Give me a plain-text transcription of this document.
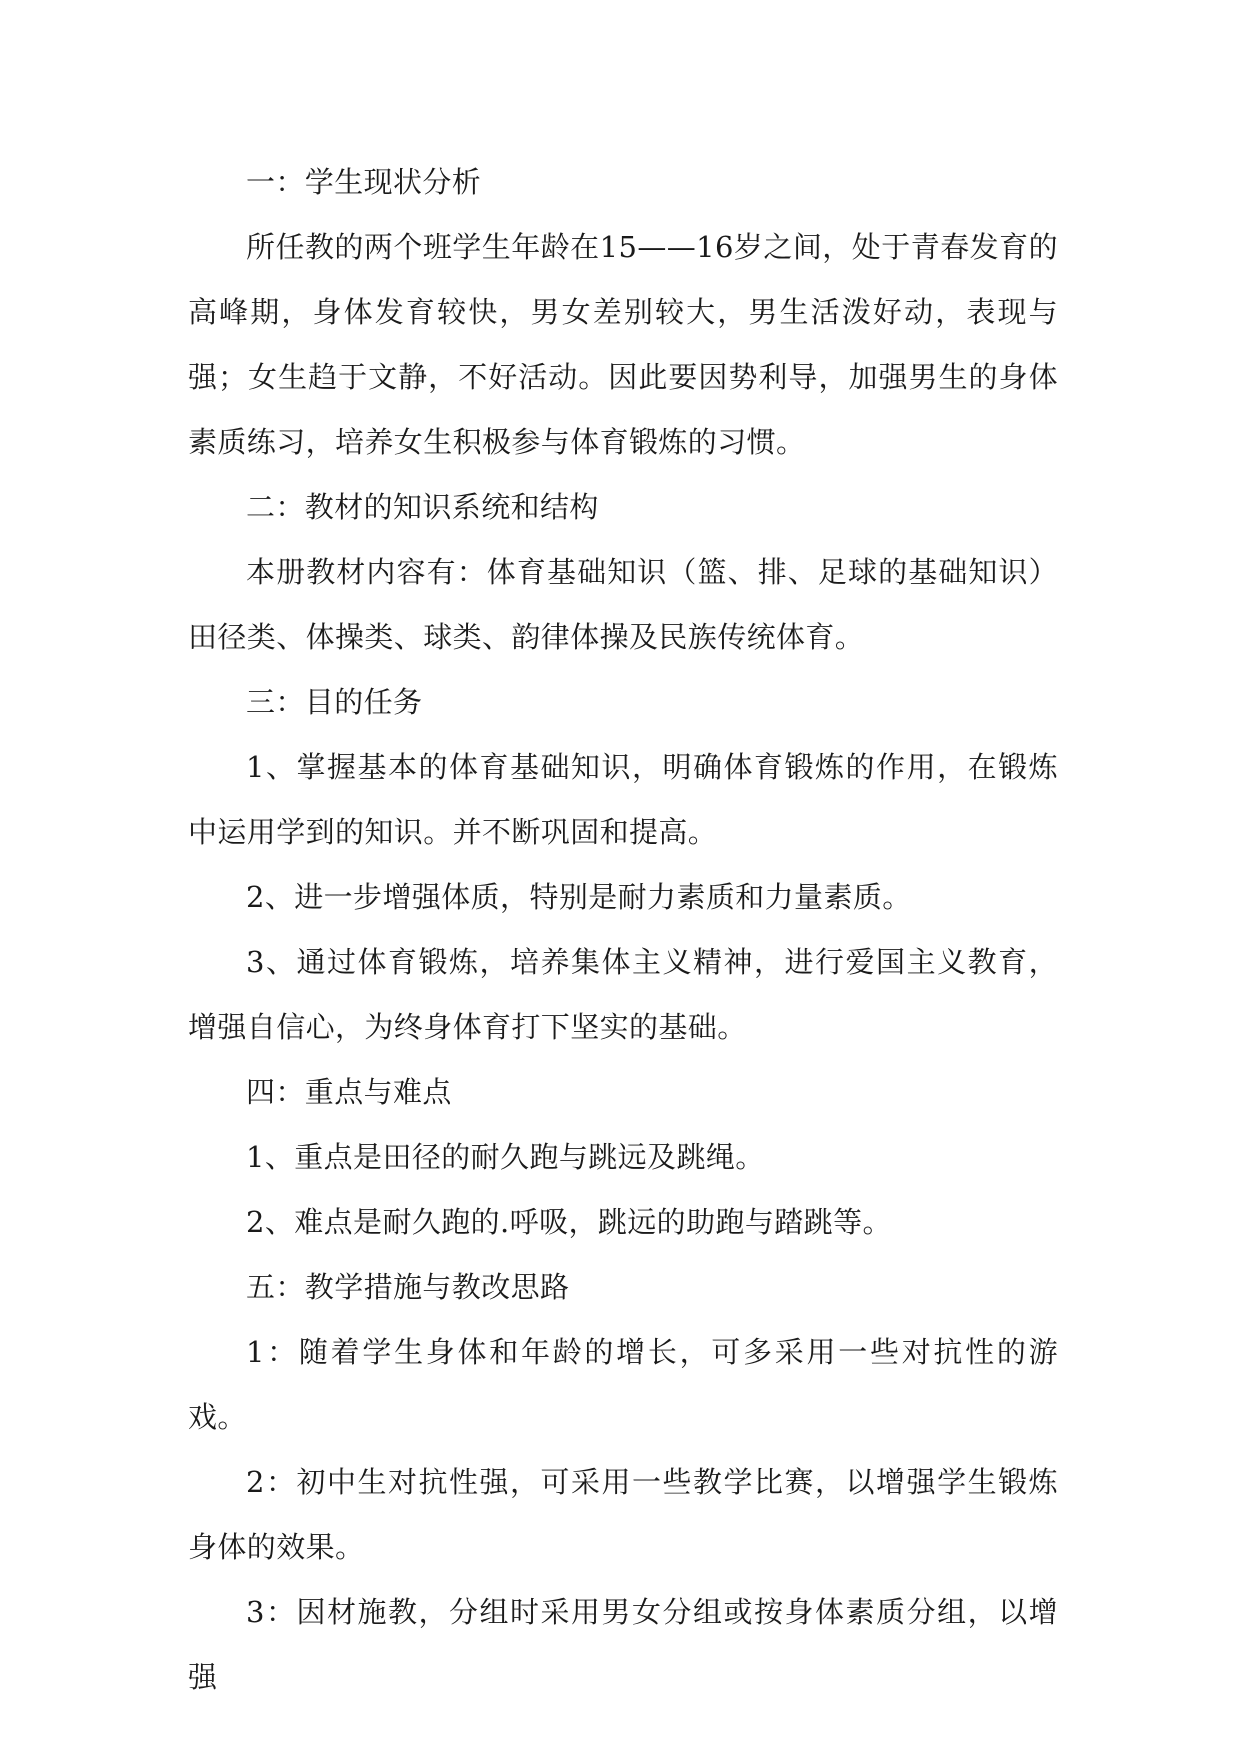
一：学生现状分析

所任教的两个班学生年龄在15——16岁之间，处于青春发育的高峰期，身体发育较快，男女差别较大，男生活泼好动，表现与强；女生趋于文静，不好活动。因此要因势利导，加强男生的身体素质练习，培养女生积极参与体育锻炼的习惯。

二：教材的知识系统和结构

本册教材内容有：体育基础知识（篮、排、足球的基础知识）田径类、体操类、球类、韵律体操及民族传统体育。

三：目的任务

1、掌握基本的体育基础知识，明确体育锻炼的作用，在锻炼中运用学到的知识。并不断巩固和提高。

2、进一步增强体质，特别是耐力素质和力量素质。

3、通过体育锻炼，培养集体主义精神，进行爱国主义教育，增强自信心，为终身体育打下坚实的基础。

四：重点与难点

1、重点是田径的耐久跑与跳远及跳绳。

2、难点是耐久跑的.呼吸，跳远的助跑与踏跳等。

五：教学措施与教改思路

1：随着学生身体和年龄的增长，可多采用一些对抗性的游戏。

2：初中生对抗性强，可采用一些教学比赛，以增强学生锻炼身体的效果。

3：因材施教，分组时采用男女分组或按身体素质分组，以增强
